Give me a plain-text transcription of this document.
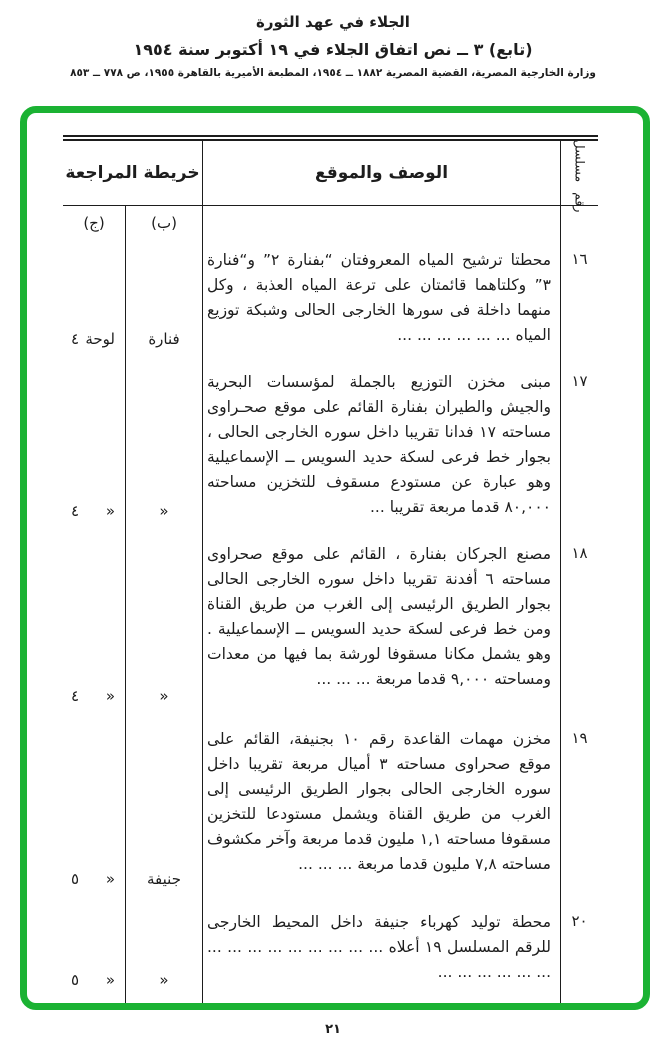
الجلاء في عهد الثورة
(تابع) ٣ ــ نص اتفاق الجلاء في ١٩ أكتوبر سنة ١٩٥٤
وزارة الخارجية المصرية، القضية المصرية ١٨٨٢ ــ ١٩٥٤، المطبعة الأميرية بالقاهرة ١٩٥٥، ص ٧٧٨ ــ ٨٥٣
رقم مسلسل
الوصف والموقع
خريطة المراجعة
(ب)
(ج)
١٦
محطتا ترشيح المياه المعروفتان “بفنارة ٢” و“فنارة ٣” وكلتاهما قائمتان على ترعة المياه العذبة ، وكل منهما داخلة فى سورها الخارجى الحالى وشبكة توزيع المياه ... ... ... ... ... ...
فنارة
لوحة
٤
١٧
مبنى مخزن التوزيع بالجملة لمؤسسات البحرية والجيش والطيران بفنارة القائم على موقع صحـراوى مساحته ١٧ فدانا تقريبا داخل سوره الخارجى الحالى ، بجوار خط فرعى لسكة حديد السويس ــ الإسماعيلية وهو عبارة عن مستودع مسقوف للتخزين مساحته ٨٠,٠٠٠ قدما مربعة تقريبا ...
«
«
٤
١٨
مصنع الجركان بفنارة ، القائم على موقع صحراوى مساحته ٦ أفدنة تقريبا داخل سوره الخارجى الحالى بجوار الطريق الرئيسى إلى الغرب من طريق القناة ومن خط فرعى لسكة حديد السويس ــ الإسماعيلية . وهو يشمل مكانا مسقوفا لورشة بما فيها من معدات ومساحته ٩,٠٠٠ قدما مربعة ... ... ...
«
«
٤
١٩
مخزن مهمات القاعدة رقم ١٠ بجنيفة، القائم على موقع صحراوى مساحته ٣ أميال مربعة تقريبا داخل سوره الخارجى الحالى بجوار الطريق الرئيسى إلى الغرب من طريق القناة ويشمل مستودعا للتخزين مسقوفا مساحته ١,١ مليون قدما مربعة وآخر مكشوف مساحته ٧,٨ مليون قدما مربعة ... ... ...
جنيفة
«
٥
٢٠
محطة توليد كهرباء جنيفة داخل المحيط الخارجى للرقم المسلسل ١٩ أعلاه ... ... ... ... ... ... ... ... ... ... ... ... ... ... ...
«
«
٥
٢١
